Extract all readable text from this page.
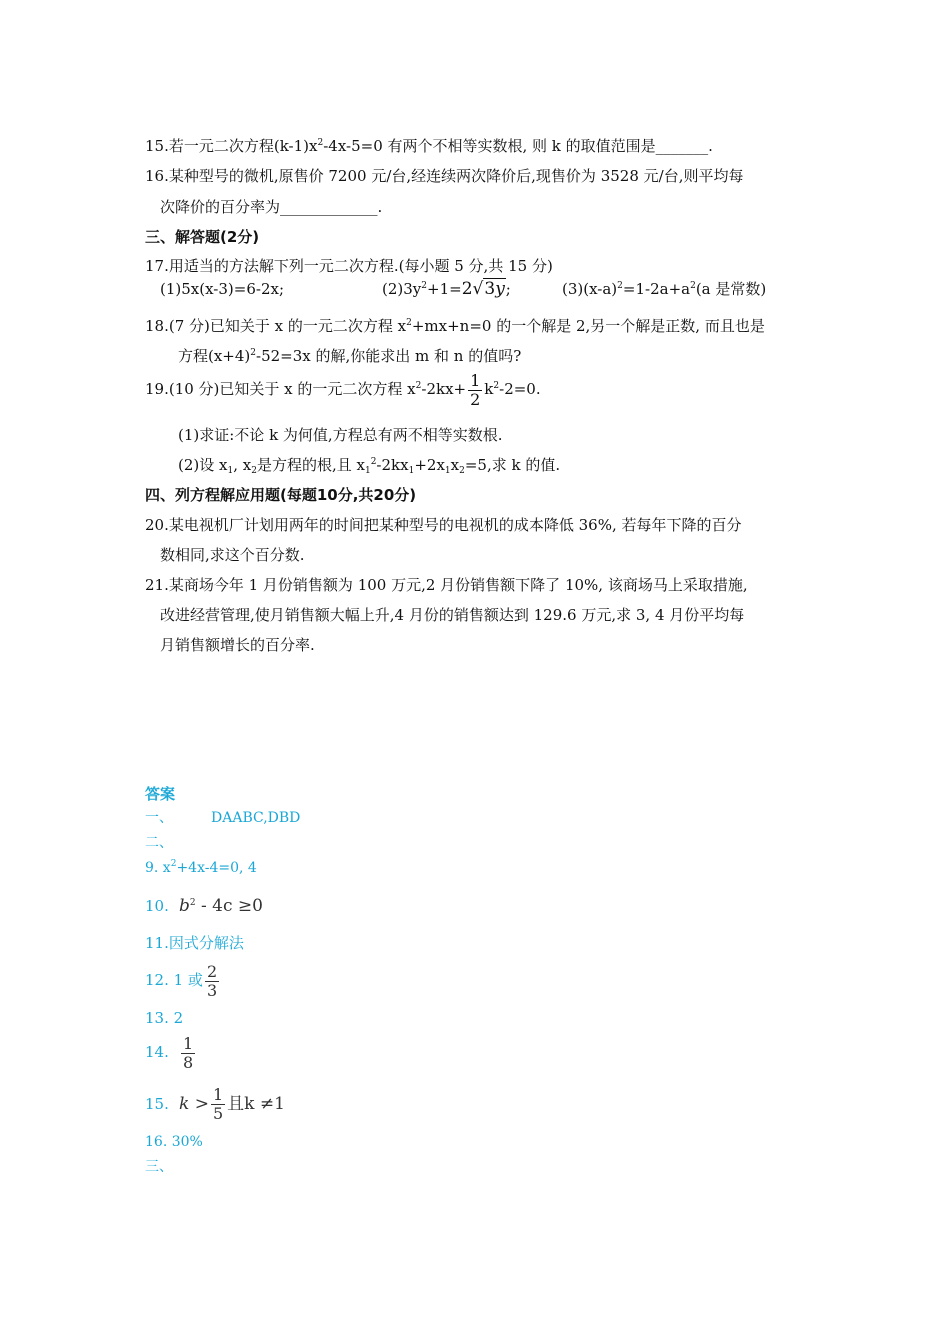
15.若一元二次方程$(k-1)x^2-4x-5=0$ 有两个不相等实数根, 则 k 的取值范围是_______.
16.某种型号的微机,原售价 7200 元/台,经连续两次降价后,现售价为 3528 元/台,则平均每
次降价的百分率为_____________.
三、解答题(2分)
17.用适当的方法解下列一元二次方程.(每小题 5 分,共 15 分)
(1)5x(x-3)=6-2x;	$(2)3y^2+1=2√3y$;	$(3)(x-a)^2=1-2a+a^2(a$ 是常数)
18.(7 分)已知关于 x 的一元二次方程 $x^2+mx+n=0$ 的一个解是 2,另一个解是正数, 而且也是
方程$(x+4)^2-52=3x$ 的解,你能求出 m 和 n 的值吗?
19.(10 分)已知关于 x 的一元二次方程 $x^2-2kx+ \frac{1}{2} k^2-2=0$.
(1)求证:不论 k 为何值,方程总有两不相等实数根.
(2)设 $x_1$, $x_2$是方程的根,且 $x_1^2-2kx_1+2x_1x_2=5$,求 k 的值.
四、列方程解应用题(每题10分,共20分)
20.某电视机厂计划用两年的时间把某种型号的电视机的成本降低 36%, 若每年下降的百分
数相同,求这个百分数.
21.某商场今年 1 月份销售额为 100 万元,2 月份销售额下降了 10%, 该商场马上采取措施,
改进经营管理,使月销售额大幅上升,4 月份的销售额达到 129.6 万元,求 3, 4 月份平均每
月销售额增长的百分率.
答案
一、	DAABC,DBD
二、
9. $x^2+4x-4=0$, 4
10. $b^2 - 4c \ge 0$
11.因式分解法
12. 1 或 $\frac{2}{3}$
13. 2
14. $\frac{1}{8}$
15. $k > \frac{1}{5}$ 且k ≠1
16. 30%
三、
